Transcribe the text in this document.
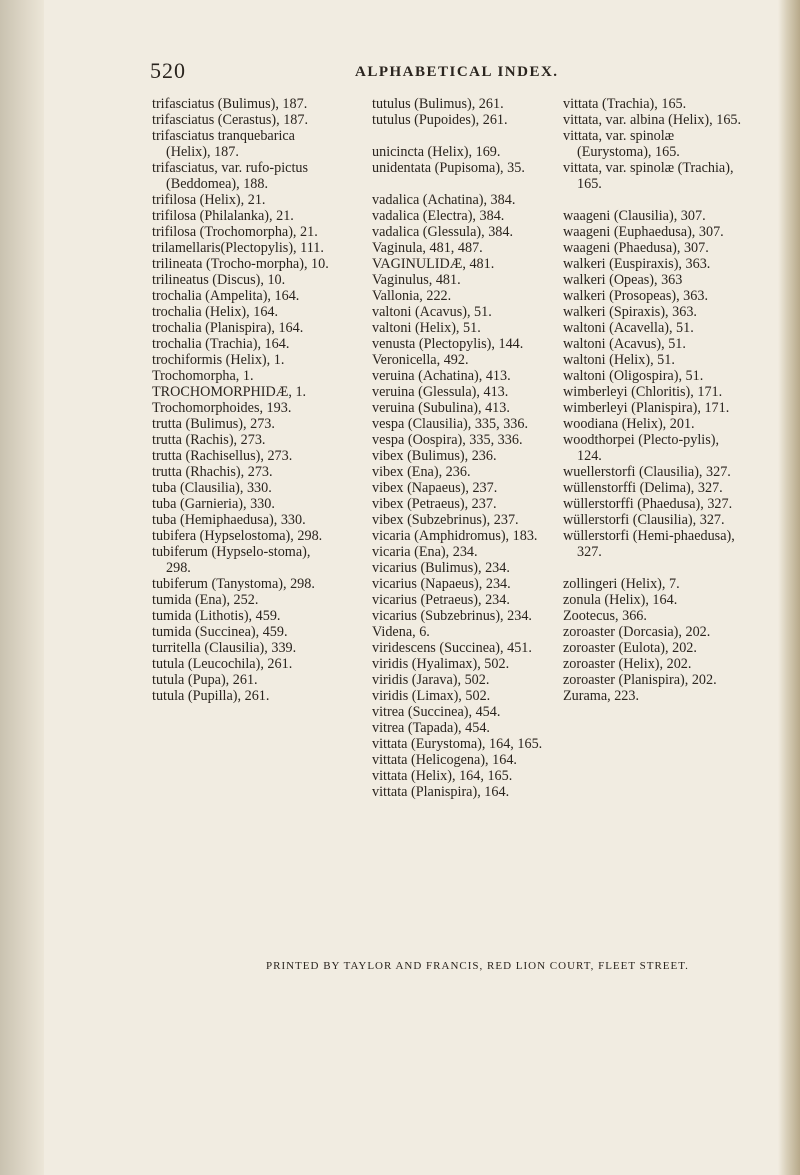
520	ALPHABETICAL INDEX.

trifasciatus (Bulimus), 187.

trifasciatus (Cerastus), 187.

trifasciatus tranquebarica (Helix), 187.

trifasciatus, var. rufo-pictus (Beddomea), 188.

trifilosa (Helix), 21.

trifilosa (Philalanka), 21.

trifilosa (Trochomorpha), 21.

trilamellaris(Plectopylis), 111.

trilineata (Trocho-morpha), 10.

trilineatus (Discus), 10.

trochalia (Ampelita), 164.

trochalia (Helix), 164.

trochalia (Planispira), 164.

trochalia (Trachia), 164.

trochiformis (Helix), 1.

Trochomorpha, 1.

TROCHOMORPHIDÆ, 1.

Trochomorphoides, 193.

trutta (Bulimus), 273.

trutta (Rachis), 273.

trutta (Rachisellus), 273.

trutta (Rhachis), 273.

tuba (Clausilia), 330.

tuba (Garnieria), 330.

tuba (Hemiphaedusa), 330.

tubifera (Hypselostoma), 298.

tubiferum (Hypselo-stoma), 298.

tubiferum (Tanystoma), 298.

tumida (Ena), 252.

tumida (Lithotis), 459.

tumida (Succinea), 459.

turritella (Clausilia), 339.

tutula (Leucochila), 261.

tutula (Pupa), 261.

tutula (Pupilla), 261.

tutulus (Bulimus), 261.

tutulus (Pupoides), 261.

unicincta (Helix), 169.

unidentata (Pupisoma), 35.

vadalica (Achatina), 384.

vadalica (Electra), 384.

vadalica (Glessula), 384.

Vaginula, 481, 487.

VAGINULIDÆ, 481.

Vaginulus, 481.

Vallonia, 222.

valtoni (Acavus), 51.

valtoni (Helix), 51.

venusta (Plectopylis), 144.

Veronicella, 492.

veruina (Achatina), 413.

veruina (Glessula), 413.

veruina (Subulina), 413.

vespa (Clausilia), 335, 336.

vespa (Oospira), 335, 336.

vibex (Bulimus), 236.

vibex (Ena), 236.

vibex (Napaeus), 237.

vibex (Petraeus), 237.

vibex (Subzebrinus), 237.

vicaria (Amphidromus), 183.

vicaria (Ena), 234.

vicarius (Bulimus), 234.

vicarius (Napaeus), 234.

vicarius (Petraeus), 234.

vicarius (Subzebrinus), 234.

Videna, 6.

viridescens (Succinea), 451.

viridis (Hyalimax), 502.

viridis (Jarava), 502.

viridis (Limax), 502.

vitrea (Succinea), 454.

vitrea (Tapada), 454.

vittata (Eurystoma), 164, 165.

vittata (Helicogena), 164.

vittata (Helix), 164, 165.

vittata (Planispira), 164.

vittata (Trachia), 165.

vittata, var. albina (Helix), 165.

vittata, var. spinolæ (Eurystoma), 165.

vittata, var. spinolæ (Trachia), 165.

waageni (Clausilia), 307.

waageni (Euphaedusa), 307.

waageni (Phaedusa), 307.

walkeri (Euspiraxis), 363.

walkeri (Opeas), 363

walkeri (Prosopeas), 363.

walkeri (Spiraxis), 363.

waltoni (Acavella), 51.

waltoni (Acavus), 51.

waltoni (Helix), 51.

waltoni (Oligospira), 51.

wimberleyi (Chloritis), 171.

wimberleyi (Planispira), 171.

woodiana (Helix), 201.

woodthorpei (Plecto-pylis), 124.

wuellerstorfi (Clausilia), 327.

wüllenstorffi (Delima), 327.

wüllerstorffi (Phaedusa), 327.

wüllerstorfi (Clausilia), 327.

wüllerstorfi (Hemi-phaedusa), 327.

zollingeri (Helix), 7.

zonula (Helix), 164.

Zootecus, 366.

zoroaster (Dorcasia), 202.

zoroaster (Eulota), 202.

zoroaster (Helix), 202.

zoroaster (Planispira), 202.

Zurama, 223.

PRINTED BY TAYLOR AND FRANCIS, RED LION COURT, FLEET STREET.
